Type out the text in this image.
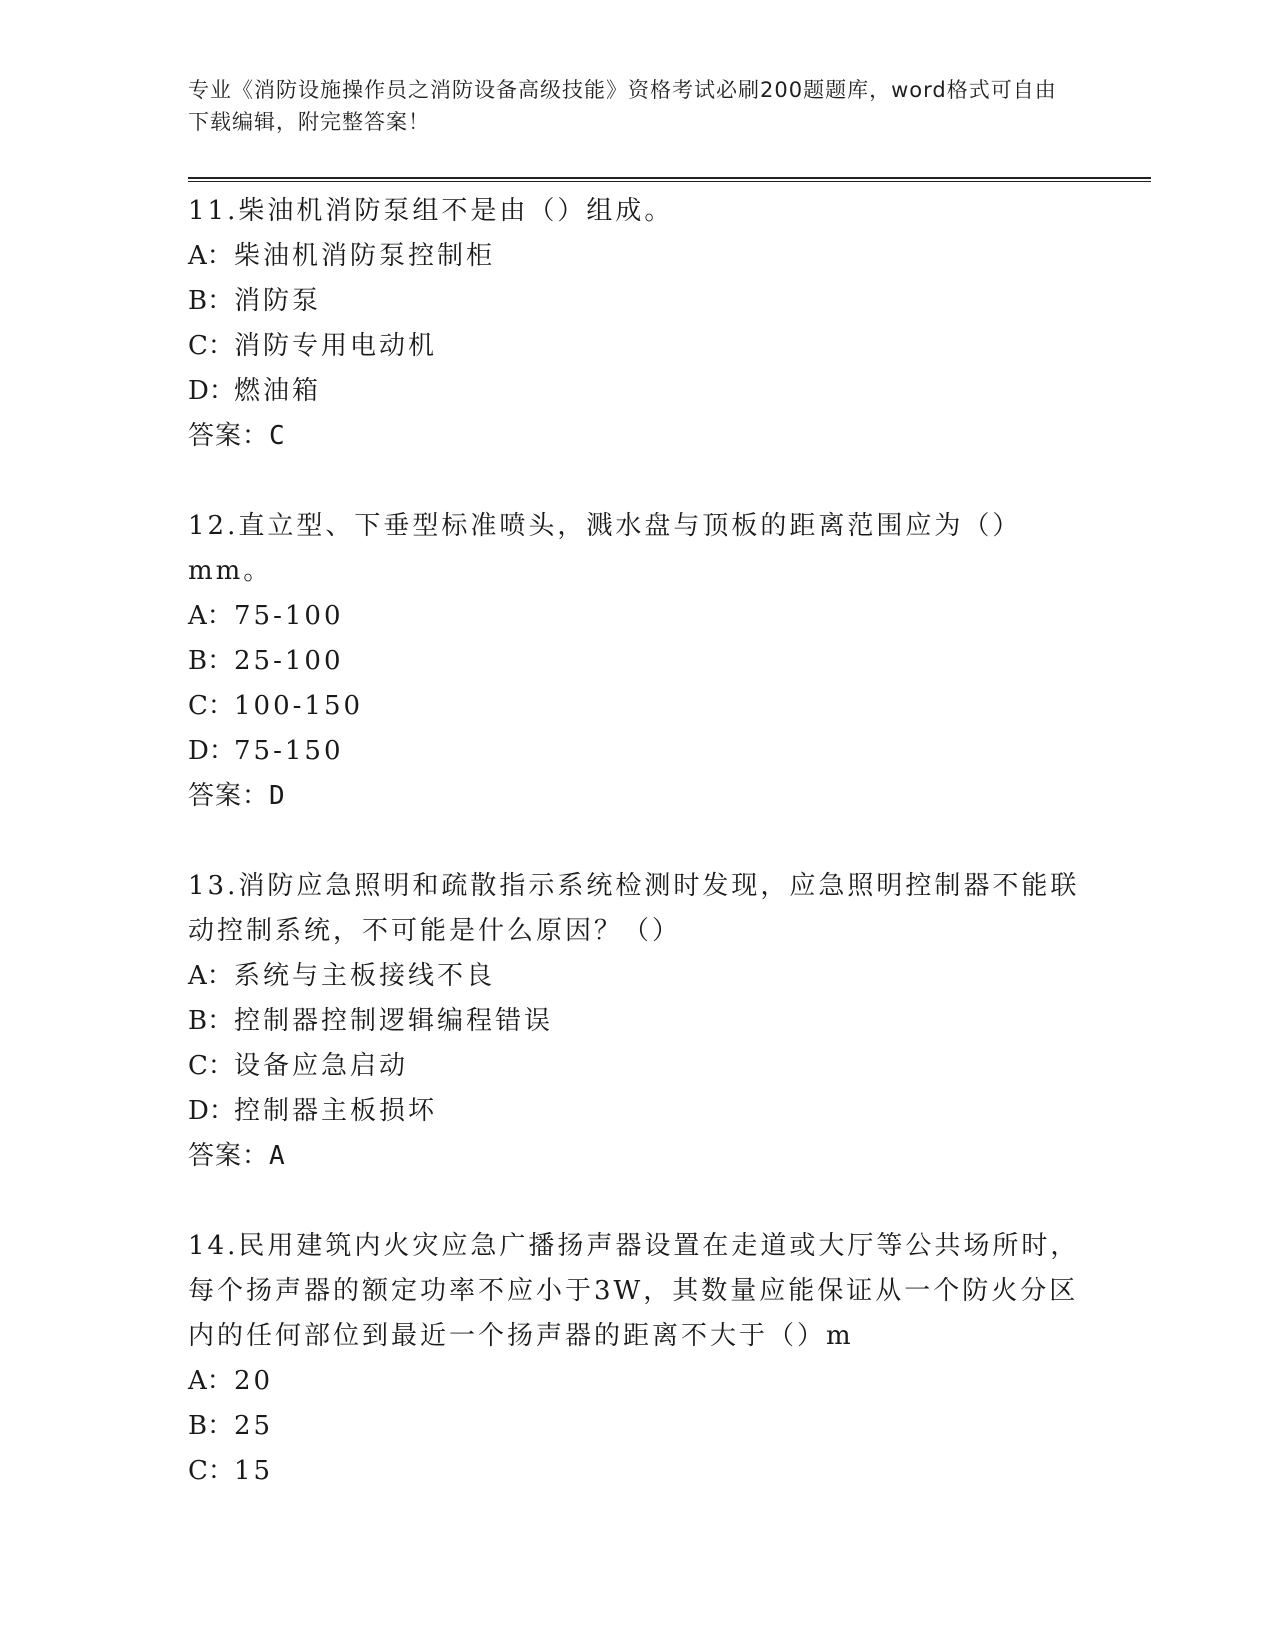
专业《消防设施操作员之消防设备高级技能》资格考试必刷200题题库，word格式可自由下载编辑，附完整答案！

11.柴油机消防泵组不是由（）组成。

A： 柴油机消防泵控制柜
B： 消防泵
C： 消防专用电动机
D： 燃油箱

答案：C

12.直立型、下垂型标准喷头，溅水盘与顶板的距离范围应为（）mm。

A： 75-100
B： 25-100
C： 100-150
D： 75-150

答案：D

13.消防应急照明和疏散指示系统检测时发现，应急照明控制器不能联动控制系统，不可能是什么原因？（）

A： 系统与主板接线不良
B： 控制器控制逻辑编程错误
C： 设备应急启动
D： 控制器主板损坏

答案：A

14.民用建筑内火灾应急广播扬声器设置在走道或大厅等公共场所时，每个扬声器的额定功率不应小于3W，其数量应能保证从一个防火分区内的任何部位到最近一个扬声器的距离不大于（）m

A： 20
B： 25
C： 15
